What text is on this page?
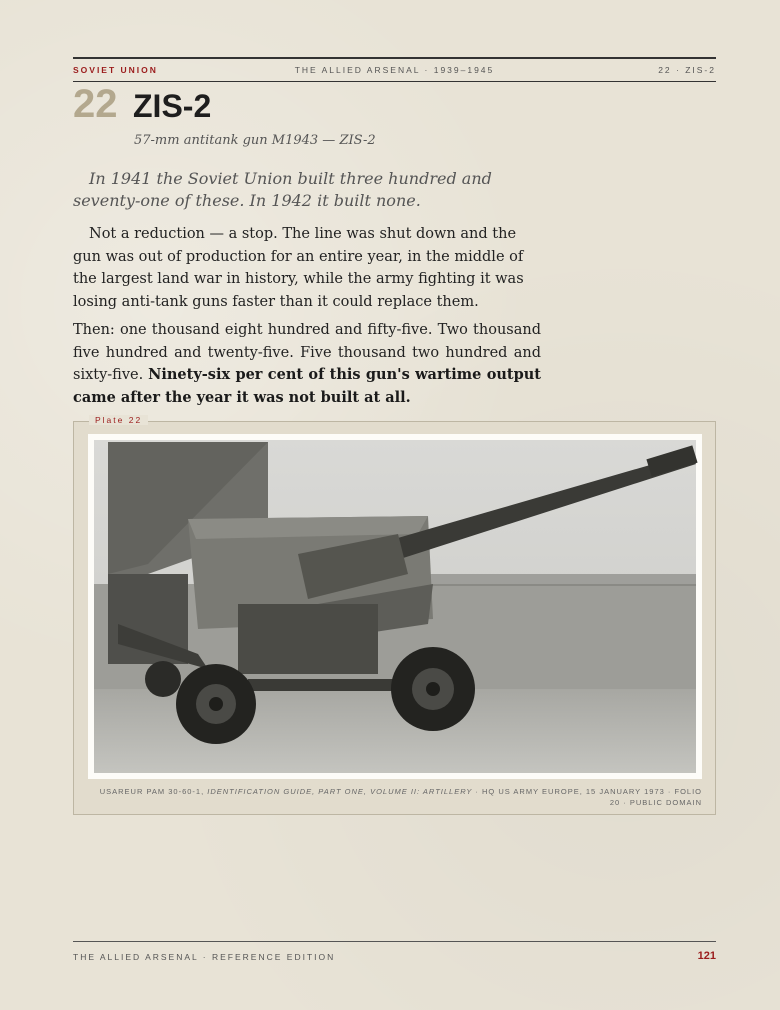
SOVIET UNION	THE ALLIED ARSENAL · 1939–1945	22 · ZIS-2
22 ZIS-2
57-mm antitank gun M1943 — ZIS-2

In 1941 the Soviet Union built three hundred and seventy-one of these. In 1942 it built none.

Not a reduction — a stop. The line was shut down and the gun was out of production for an entire year, in the middle of the largest land war in history, while the army fighting it was losing anti-tank guns faster than it could replace them.

Then: one thousand eight hundred and fifty-five. Two thousand five hundred and twenty-five. Five thousand two hundred and sixty-five. Ninety-six per cent of this gun's wartime output came after the year it was not built at all.

Plate 22
USAREUR PAM 30-60-1, IDENTIFICATION GUIDE, PART ONE, VOLUME II: ARTILLERY · HQ US ARMY EUROPE, 15 JANUARY 1973 · FOLIO 20 · PUBLIC DOMAIN
THE ALLIED ARSENAL · REFERENCE EDITION	121
